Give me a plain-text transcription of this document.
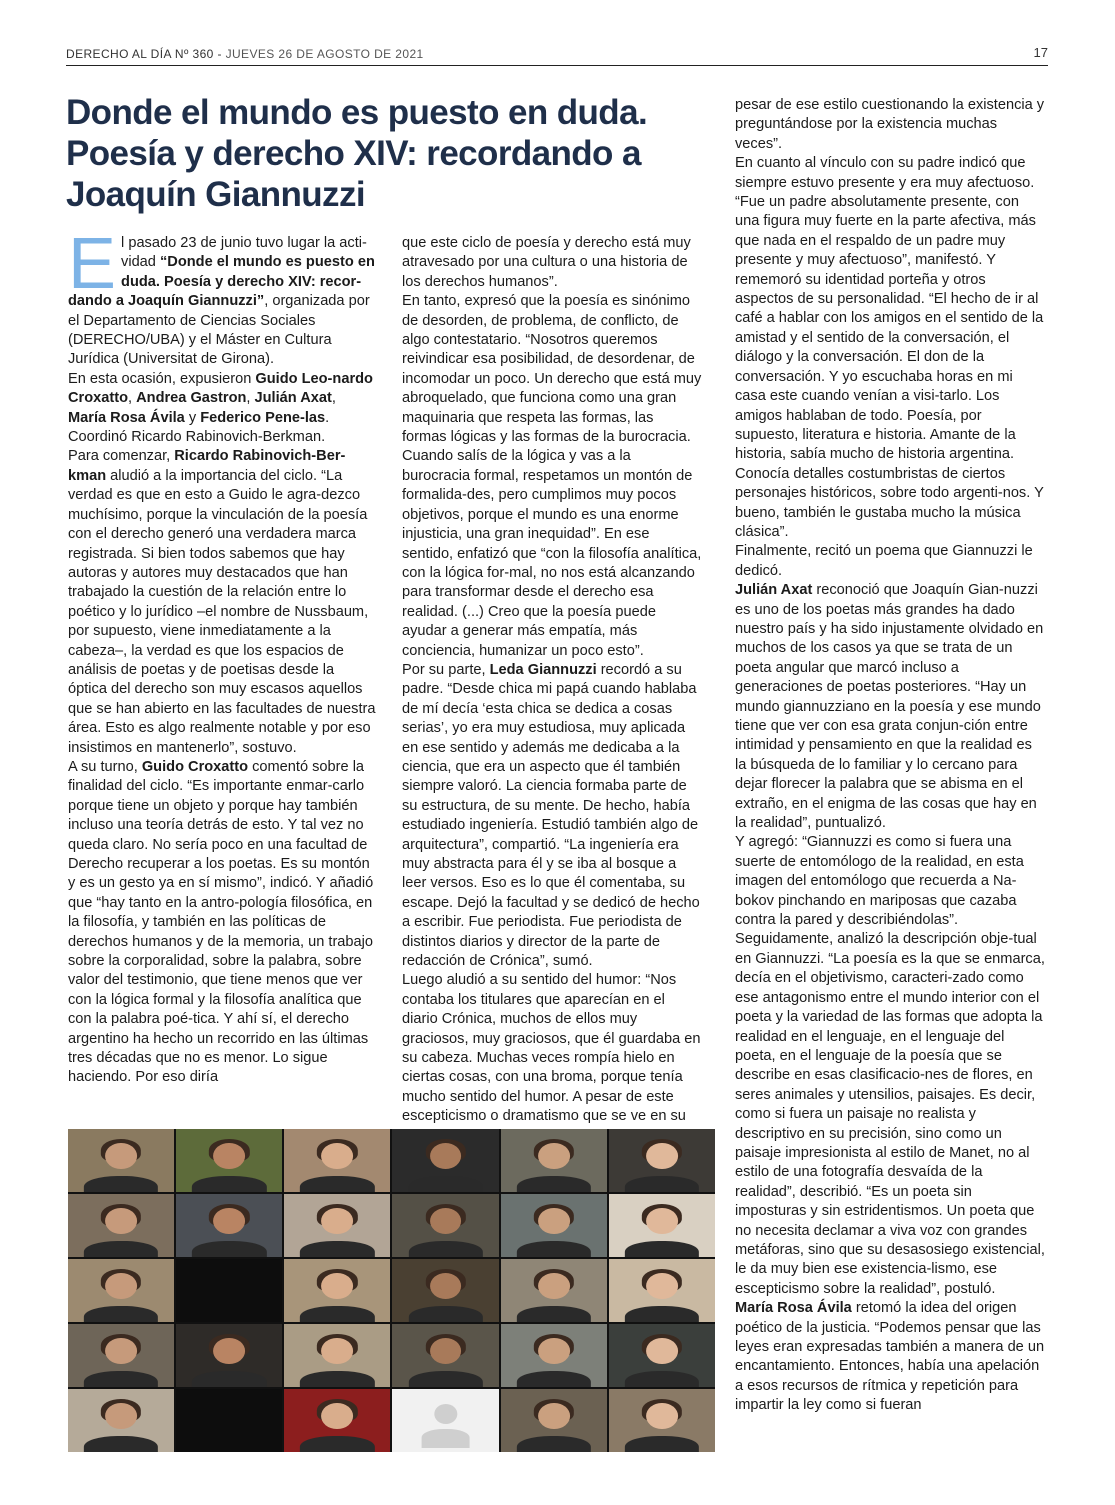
DERECHO AL DÍA Nº 360 - JUEVES 26 DE AGOSTO DE 2021	17
Donde el mundo es puesto en duda. Poesía y derecho XIV: recordando a Joaquín Giannuzzi

El pasado 23 de junio tuvo lugar la acti-vidad “Donde el mundo es puesto en duda. Poesía y derecho XIV: recor-dando a Joaquín Giannuzzi”, organizada por el Departamento de Ciencias Sociales (DERECHO/UBA) y el Máster en Cultura Jurídica (Universitat de Girona).

En esta ocasión, expusieron Guido Leo-nardo Croxatto, Andrea Gastron, Julián Axat, María Rosa Ávila y Federico Pene-las. Coordinó Ricardo Rabinovich-Berkman.

Para comenzar, Ricardo Rabinovich-Ber-kman aludió a la importancia del ciclo. “La verdad es que en esto a Guido le agra-dezco muchísimo, porque la vinculación de la poesía con el derecho generó una verdadera marca registrada. Si bien todos sabemos que hay autoras y autores muy destacados que han trabajado la cuestión de la relación entre lo poético y lo jurídico –el nombre de Nussbaum, por supuesto, viene inmediatamente a la cabeza–, la verdad es que los espacios de análisis de poetas y de poetisas desde la óptica del derecho son muy escasos aquellos que se han abierto en las facultades de nuestra área. Esto es algo realmente notable y por eso insistimos en mantenerlo”, sostuvo.

A su turno, Guido Croxatto comentó sobre la finalidad del ciclo. “Es importante enmar-carlo porque tiene un objeto y porque hay también incluso una teoría detrás de esto. Y tal vez no queda claro. No sería poco en una facultad de Derecho recuperar a los poetas. Es su montón y es un gesto ya en sí mismo”, indicó. Y añadió que “hay tanto en la antro-pología filosófica, en la filosofía, y también en las políticas de derechos humanos y de la memoria, un trabajo sobre la corporalidad, sobre la palabra, sobre valor del testimonio, que tiene menos que ver con la lógica formal y la filosofía analítica que con la palabra poé-tica. Y ahí sí, el derecho argentino ha hecho un recorrido en las últimas tres décadas que no es menor. Lo sigue haciendo. Por eso diría

que este ciclo de poesía y derecho está muy atravesado por una cultura o una historia de los derechos humanos”.

En tanto, expresó que la poesía es sinónimo de desorden, de problema, de conflicto, de algo contestatario. “Nosotros queremos reivindicar esa posibilidad, de desordenar, de incomodar un poco. Un derecho que está muy abroquelado, que funciona como una gran maquinaria que respeta las formas, las formas lógicas y las formas de la burocracia. Cuando salís de la lógica y vas a la burocracia formal, respetamos un montón de formalida-des, pero cumplimos muy pocos objetivos, porque el mundo es una enorme injusticia, una gran inequidad”. En ese sentido, enfatizó que “con la filosofía analítica, con la lógica for-mal, no nos está alcanzando para transformar desde el derecho esa realidad. (...) Creo que la poesía puede ayudar a generar más empatía, más conciencia, humanizar un poco esto”.

Por su parte, Leda Giannuzzi recordó a su padre. “Desde chica mi papá cuando hablaba de mí decía ‘esta chica se dedica a cosas serias’, yo era muy estudiosa, muy aplicada en ese sentido y además me dedicaba a la ciencia, que era un aspecto que él también siempre valoró. La ciencia formaba parte de su estructura, de su mente. De hecho, había estudiado ingeniería. Estudió también algo de arquitectura”, compartió. “La ingeniería era muy abstracta para él y se iba al bosque a leer versos. Eso es lo que él comentaba, su escape. Dejó la facultad y se dedicó de hecho a escribir. Fue periodista. Fue periodista de distintos diarios y director de la parte de redacción de Crónica”, sumó.

Luego aludió a su sentido del humor: “Nos contaba los titulares que aparecían en el diario Crónica, muchos de ellos muy graciosos, muy graciosos, que él guardaba en su cabeza. Muchas veces rompía hielo en ciertas cosas, con una broma, porque tenía mucho sentido del humor. A pesar de este escepticismo o dramatismo que se ve en su

pesar de ese estilo cuestionando la existencia y preguntándose por la existencia muchas veces”.

En cuanto al vínculo con su padre indicó que siempre estuvo presente y era muy afectuoso. “Fue un padre absolutamente presente, con una figura muy fuerte en la parte afectiva, más que nada en el respaldo de un padre muy presente y muy afectuoso”, manifestó. Y rememoró su identidad porteña y otros aspectos de su personalidad. “El hecho de ir al café a hablar con los amigos en el sentido de la amistad y el sentido de la conversación, el diálogo y la conversación. El don de la conversación. Y yo escuchaba horas en mi casa este cuando venían a visi-tarlo. Los amigos hablaban de todo. Poesía, por supuesto, literatura e historia. Amante de la historia, sabía mucho de historia argentina. Conocía detalles costumbristas de ciertos personajes históricos, sobre todo argenti-nos. Y bueno, también le gustaba mucho la música clásica”.

Finalmente, recitó un poema que Giannuzzi le dedicó.

Julián Axat reconoció que Joaquín Gian-nuzzi es uno de los poetas más grandes ha dado nuestro país y ha sido injustamente olvidado en muchos de los casos ya que se trata de un poeta angular que marcó incluso a generaciones de poetas posteriores. “Hay un mundo giannuzziano en la poesía y ese mundo tiene que ver con esa grata conjun-ción entre intimidad y pensamiento en que la realidad es la búsqueda de lo familiar y lo cercano para dejar florecer la palabra que se abisma en el extraño, en el enigma de las cosas que hay en la realidad”, puntualizó.

Y agregó: “Giannuzzi es como si fuera una suerte de entomólogo de la realidad, en esta imagen del entomólogo que recuerda a Na-bokov pinchando en mariposas que cazaba contra la pared y describiéndolas”.

Seguidamente, analizó la descripción obje-tual en Giannuzzi. “La poesía es la que se enmarca, decía en el objetivismo, caracteri-zado como ese antagonismo entre el mundo interior con el poeta y la variedad de las formas que adopta la realidad en el lenguaje, en el lenguaje del poeta, en el lenguaje de la poesía que se describe en esas clasificacio-nes de flores, en seres animales y utensilios, paisajes. Es decir, como si fuera un paisaje no realista y descriptivo en su precisión, sino como un paisaje impresionista al estilo de Manet, no al estilo de una fotografía desvaída de la realidad”, describió. “Es un poeta sin imposturas y sin estridentismos. Un poeta que no necesita declamar a viva voz con grandes metáforas, sino que su desasosiego existencial, le da muy bien ese existencia-lismo, ese escepticismo sobre la realidad”, postuló.

María Rosa Ávila retomó la idea del origen poético de la justicia. “Podemos pensar que las leyes eran expresadas también a manera de un encantamiento. Entonces, había una apelación a esos recursos de rítmica y repetición para impartir la ley como si fueran
